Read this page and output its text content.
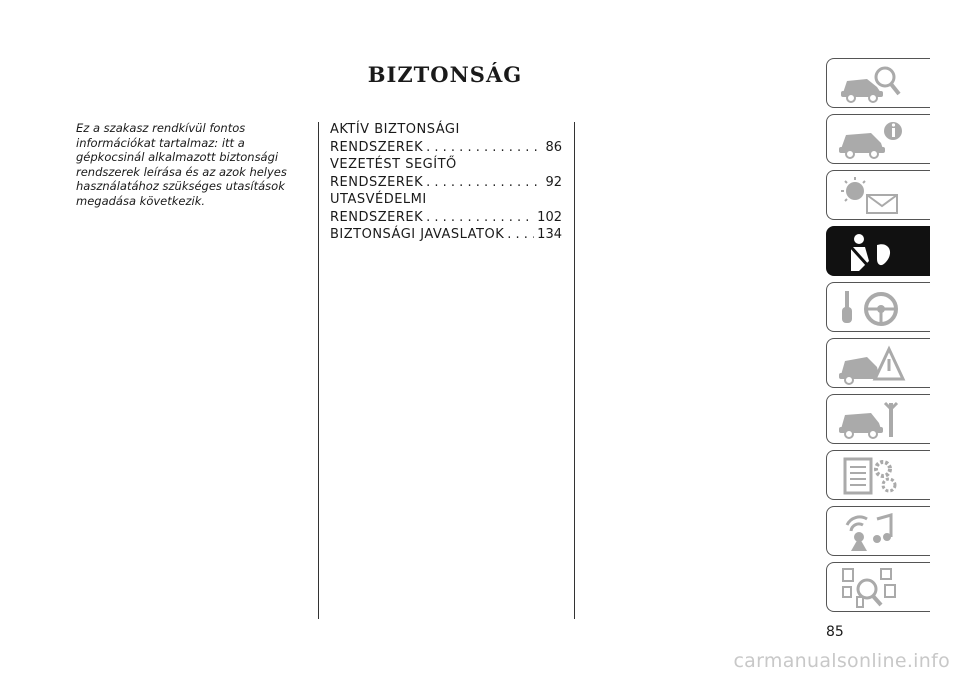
BIZTONSÁG
Ez a szakasz rendkívül fontos
információkat tartalmaz: itt a
gépkocsinál alkalmazott biztonsági
rendszerek leírása és az azok helyes
használatához szükséges utasítások
megadása következik.
AKTÍV BIZTONSÁGI
RENDSZEREK . . .	86
VEZETÉST SEGÍTŐ
RENDSZEREK . . .	92
UTASVÉDELMI
RENDSZEREK . . .	102
BIZTONSÁGI JAVASLATOK . . .	134
85
carmanualsonline.info
